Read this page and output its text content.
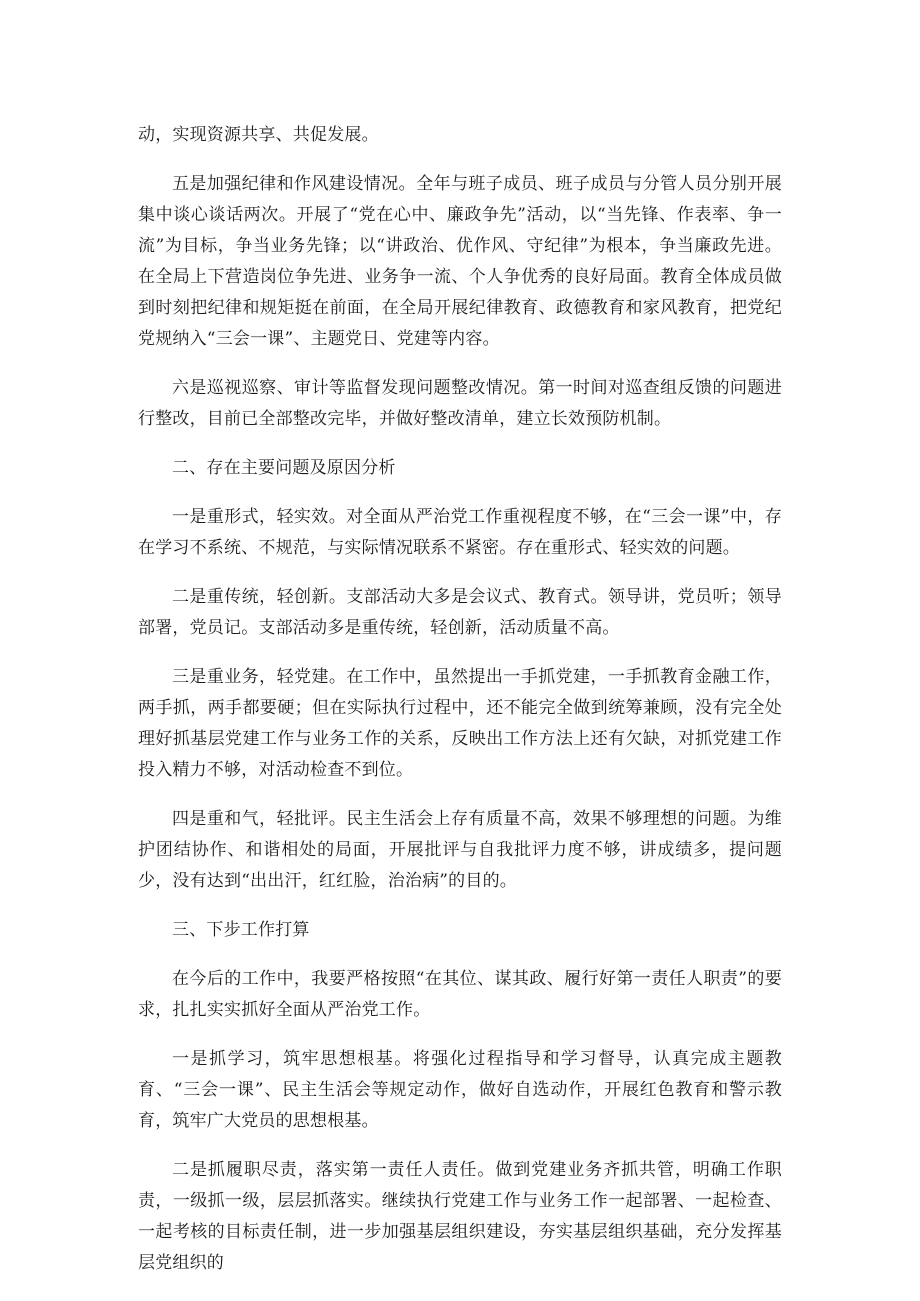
动，实现资源共享、共促发展。

五是加强纪律和作风建设情况。全年与班子成员、班子成员与分管人员分别开展集中谈心谈话两次。开展了“党在心中、廉政争先”活动，以“当先锋、作表率、争一流”为目标，争当业务先锋；以“讲政治、优作风、守纪律”为根本，争当廉政先进。在全局上下营造岗位争先进、业务争一流、个人争优秀的良好局面。教育全体成员做到时刻把纪律和规矩挺在前面，在全局开展纪律教育、政德教育和家风教育，把党纪党规纳入“三会一课”、主题党日、党建等内容。

六是巡视巡察、审计等监督发现问题整改情况。第一时间对巡查组反馈的问题进行整改，目前已全部整改完毕，并做好整改清单，建立长效预防机制。

二、存在主要问题及原因分析

一是重形式，轻实效。对全面从严治党工作重视程度不够，在“三会一课”中，存在学习不系统、不规范，与实际情况联系不紧密。存在重形式、轻实效的问题。

二是重传统，轻创新。支部活动大多是会议式、教育式。领导讲，党员听；领导部署，党员记。支部活动多是重传统，轻创新，活动质量不高。

三是重业务，轻党建。在工作中，虽然提出一手抓党建，一手抓教育金融工作，两手抓，两手都要硬；但在实际执行过程中，还不能完全做到统筹兼顾，没有完全处理好抓基层党建工作与业务工作的关系，反映出工作方法上还有欠缺，对抓党建工作投入精力不够，对活动检查不到位。

四是重和气，轻批评。民主生活会上存有质量不高，效果不够理想的问题。为维护团结协作、和谐相处的局面，开展批评与自我批评力度不够，讲成绩多，提问题少，没有达到“出出汗，红红脸，治治病”的目的。

三、下步工作打算

在今后的工作中，我要严格按照“在其位、谋其政、履行好第一责任人职责”的要求，扎扎实实抓好全面从严治党工作。

一是抓学习，筑牢思想根基。将强化过程指导和学习督导，认真完成主题教育、“三会一课”、民主生活会等规定动作，做好自选动作，开展红色教育和警示教育，筑牢广大党员的思想根基。

二是抓履职尽责，落实第一责任人责任。做到党建业务齐抓共管，明确工作职责，一级抓一级，层层抓落实。继续执行党建工作与业务工作一起部署、一起检查、一起考核的目标责任制，进一步加强基层组织建设，夯实基层组织基础，充分发挥基层党组织的
